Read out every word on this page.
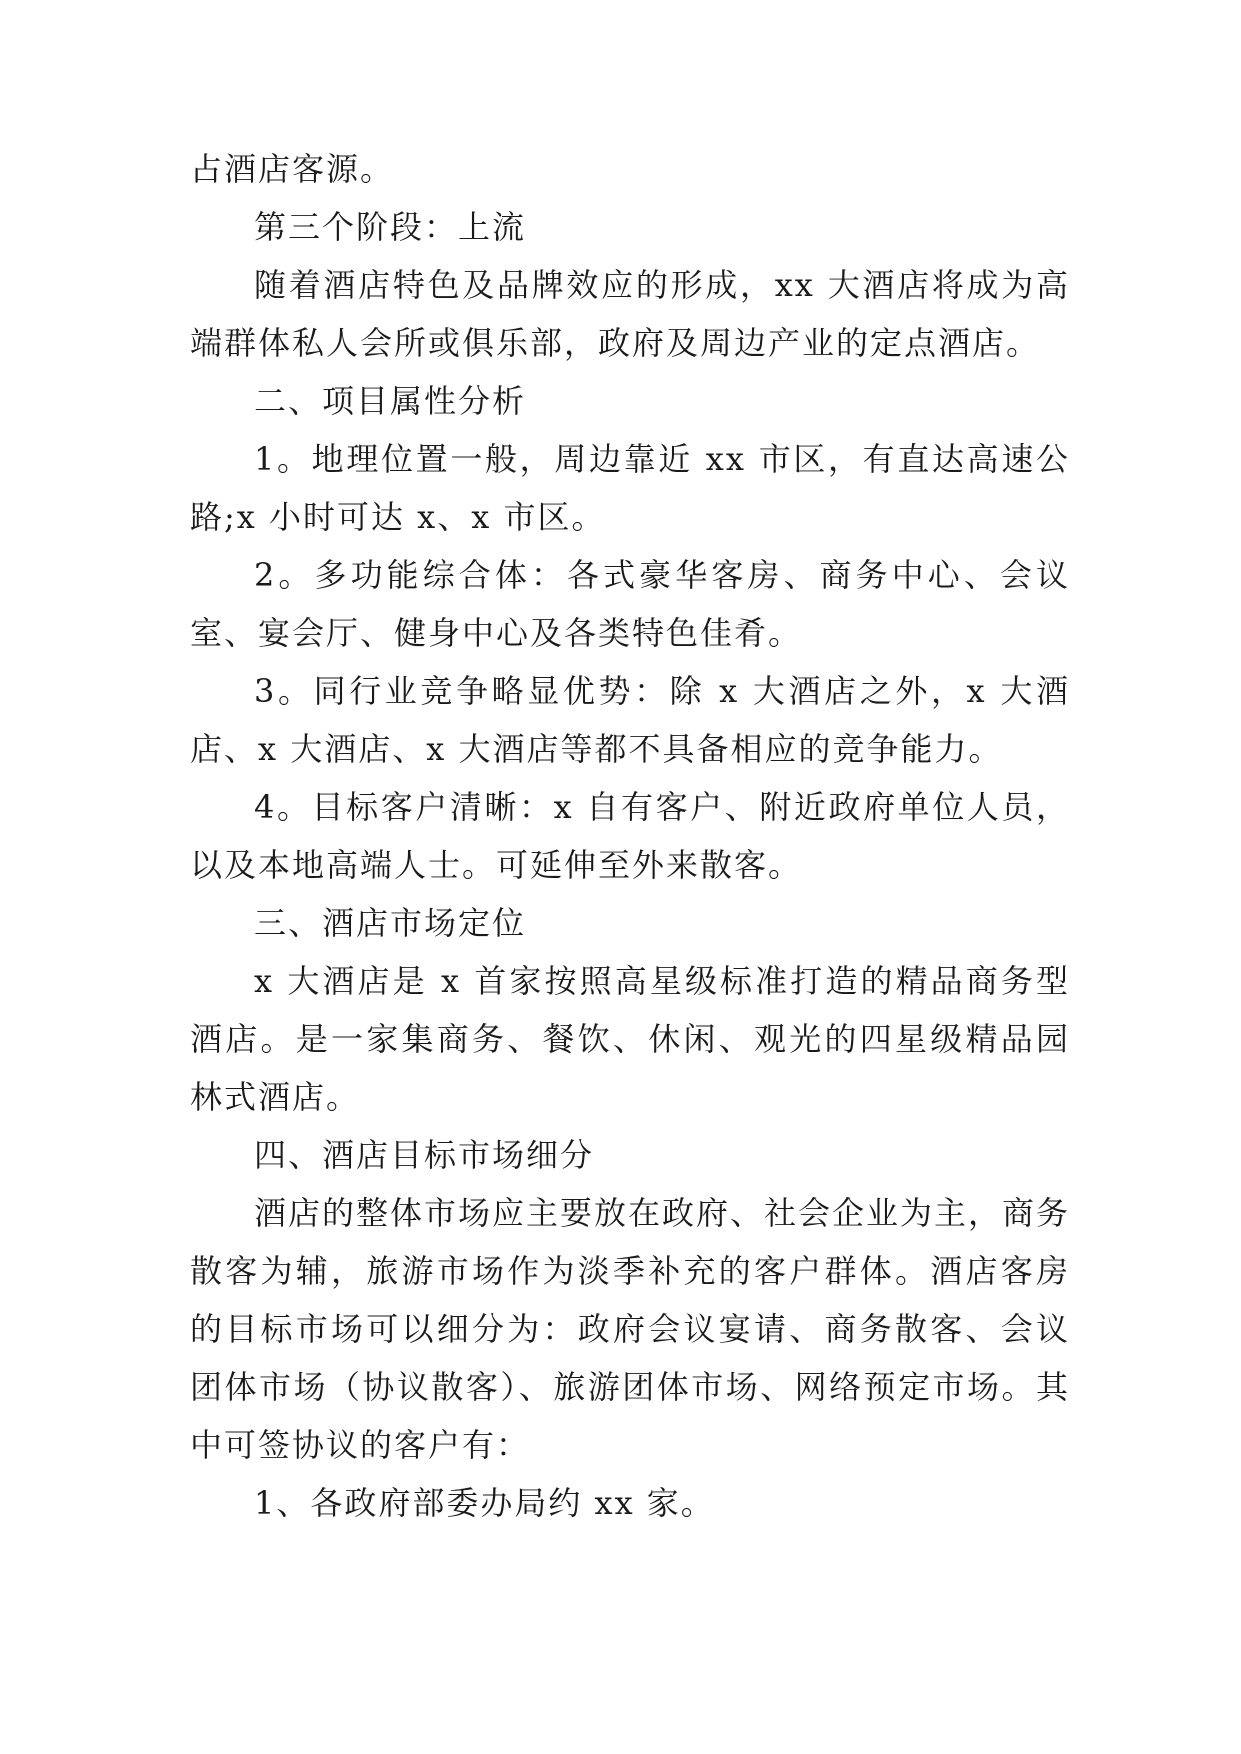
占酒店客源。

第三个阶段：上流

随着酒店特色及品牌效应的形成，xx 大酒店将成为高端群体私人会所或俱乐部，政府及周边产业的定点酒店。

二、项目属性分析

1。地理位置一般，周边靠近 xx 市区，有直达高速公路;x 小时可达 x、x 市区。

2。多功能综合体：各式豪华客房、商务中心、会议室、宴会厅、健身中心及各类特色佳肴。

3。同行业竞争略显优势：除 x 大酒店之外，x 大酒店、x 大酒店、x 大酒店等都不具备相应的竞争能力。

4。目标客户清晰：x 自有客户、附近政府单位人员，以及本地高端人士。可延伸至外来散客。

三、酒店市场定位

x 大酒店是 x 首家按照高星级标准打造的精品商务型酒店。是一家集商务、餐饮、休闲、观光的四星级精品园林式酒店。

四、酒店目标市场细分

酒店的整体市场应主要放在政府、社会企业为主，商务散客为辅，旅游市场作为淡季补充的客户群体。酒店客房的目标市场可以细分为：政府会议宴请、商务散客、会议团体市场（协议散客）、旅游团体市场、网络预定市场。其中可签协议的客户有：

1、各政府部委办局约 xx 家。
